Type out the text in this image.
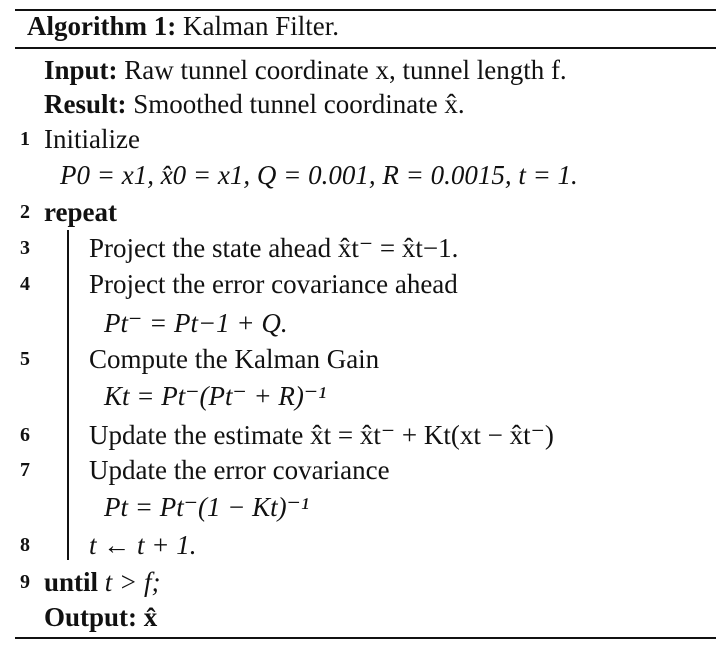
Algorithm 1: Kalman Filter.
Input: Raw tunnel coordinate x, tunnel length f.
Result: Smoothed tunnel coordinate x̂.
1 Initialize
P0 = x1, x̂0 = x1, Q = 0.001, R = 0.0015, t = 1.
2 repeat
3 Project the state ahead x̂t⁻ = x̂t−1.
4 Project the error covariance ahead
Pt⁻ = Pt−1 + Q.
5 Compute the Kalman Gain
Kt = Pt⁻(Pt⁻ + R)⁻¹
6 Update the estimate x̂t = x̂t⁻ + Kt(xt − x̂t⁻)
7 Update the error covariance
Pt = Pt⁻(1 − Kt)⁻¹
8 t ← t + 1.
9 until t > f;
Output: x̂
